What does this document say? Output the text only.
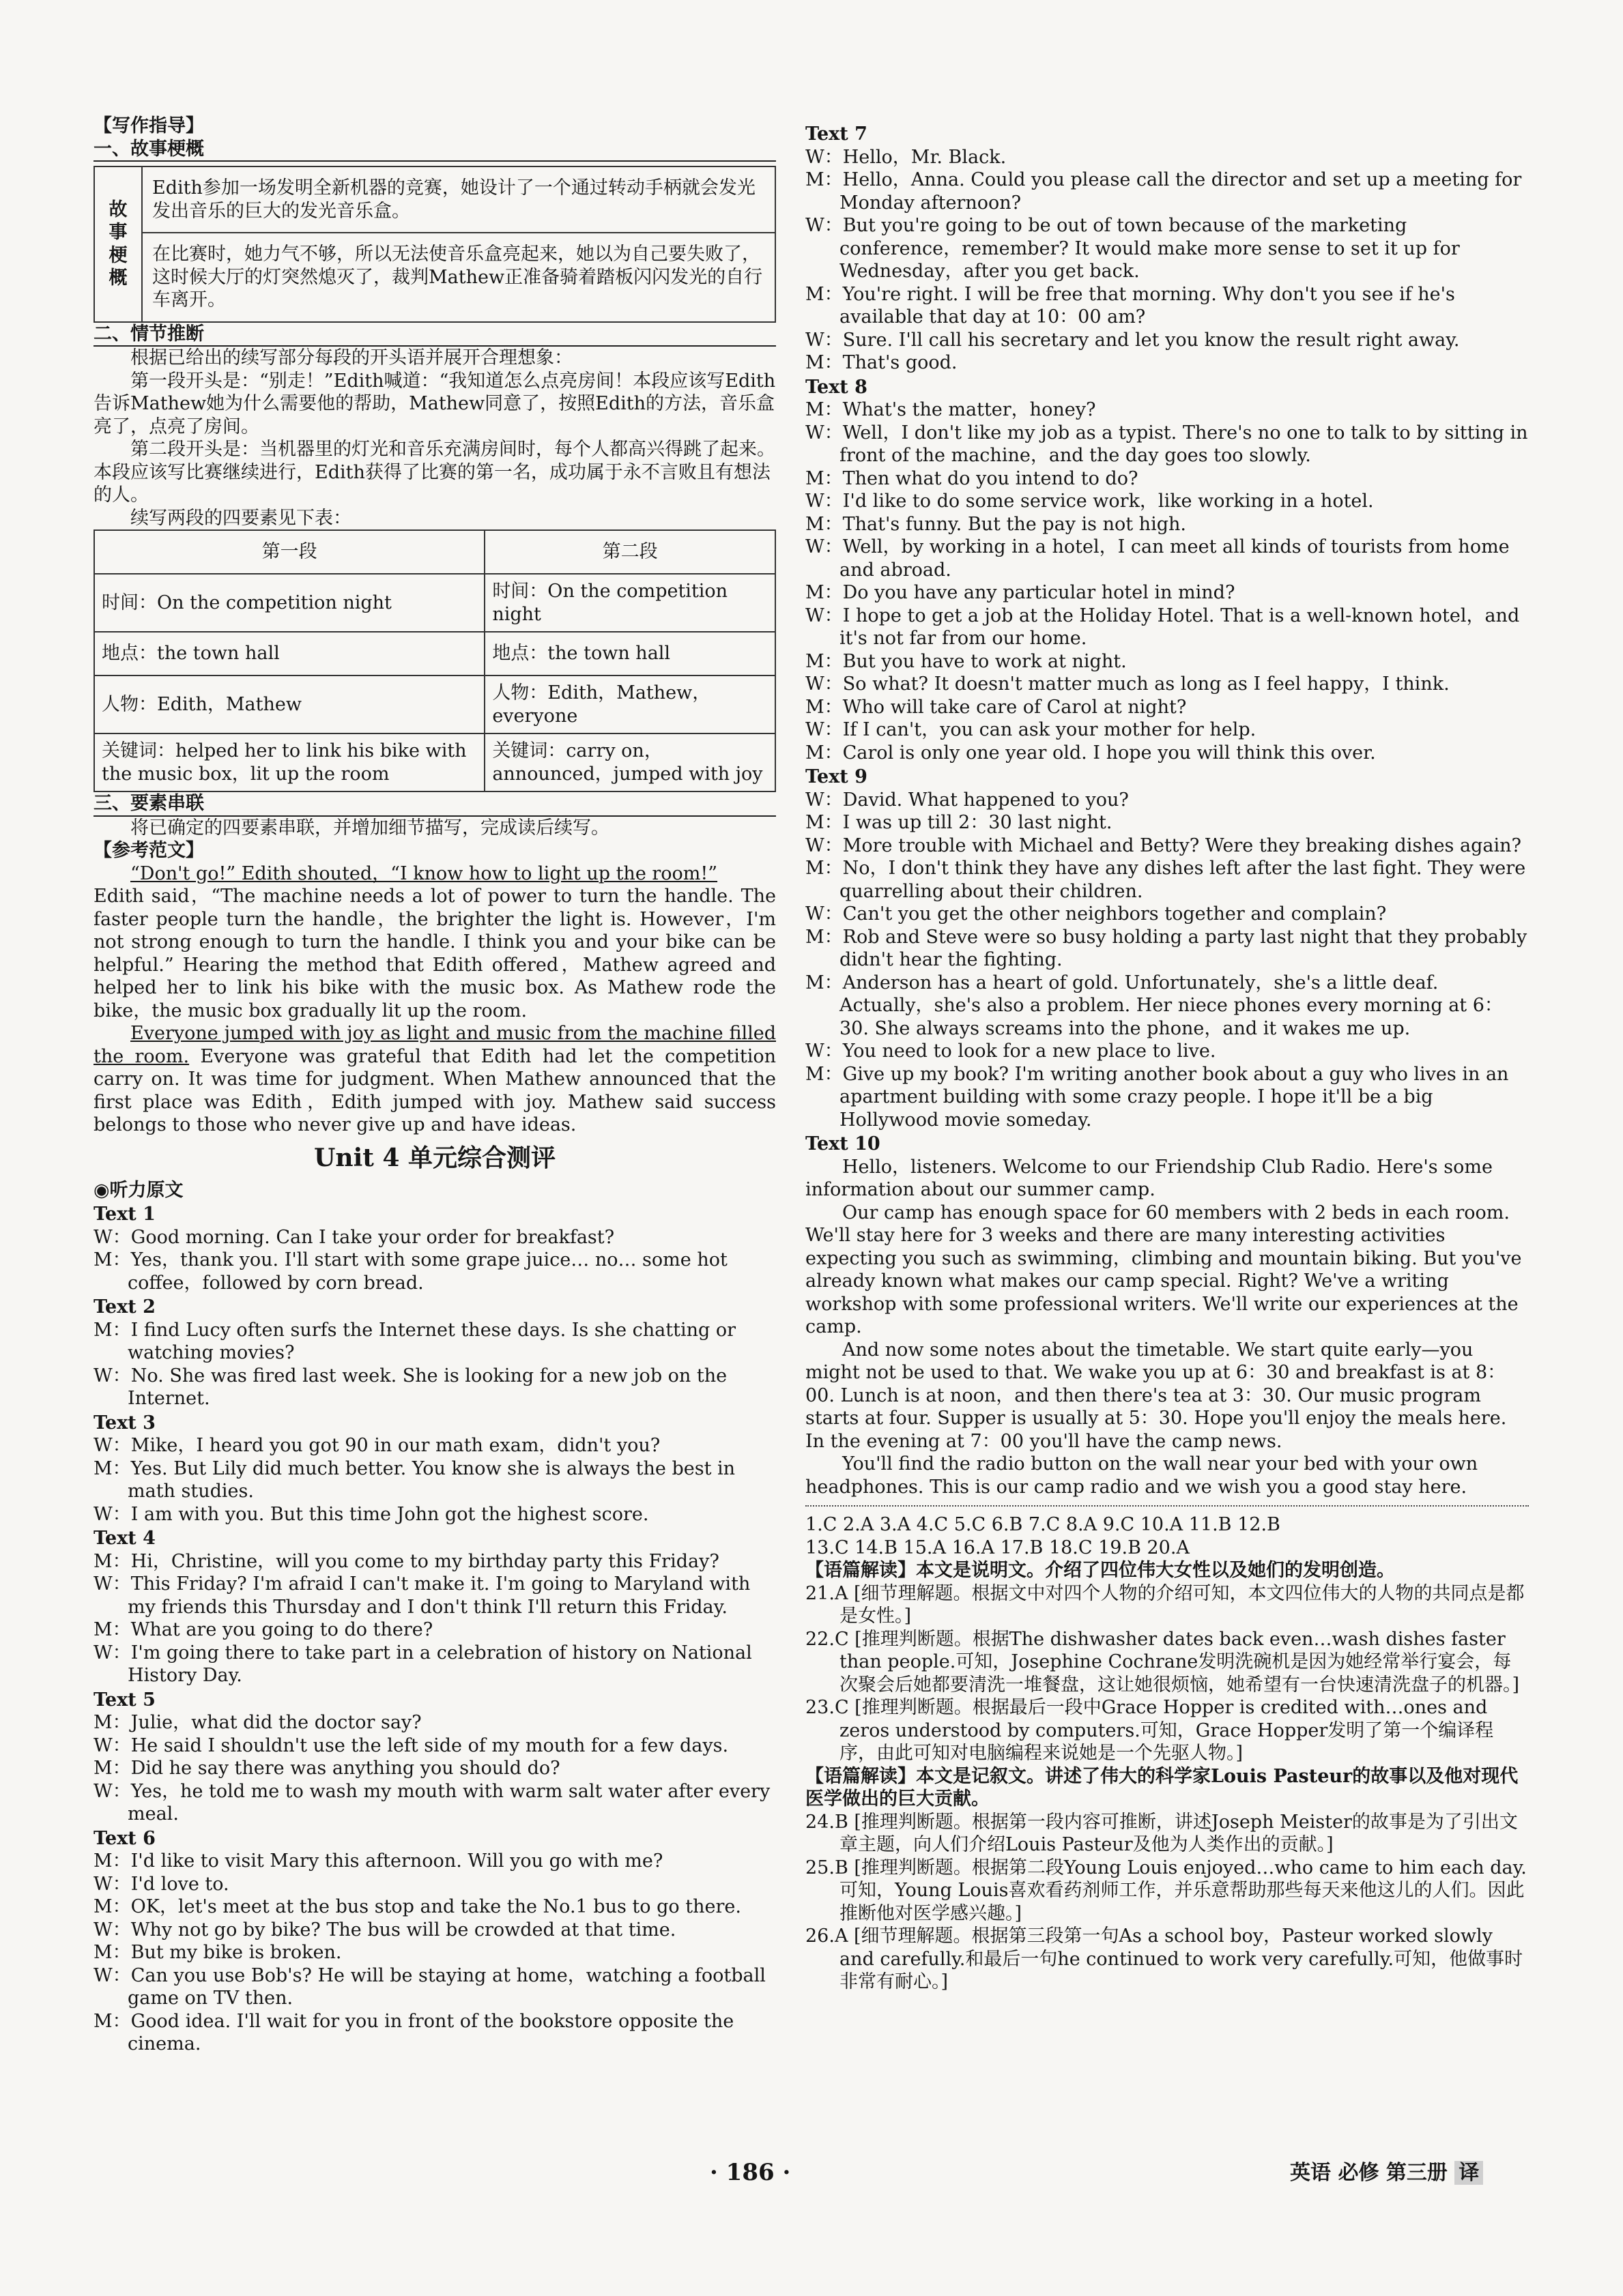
【写作指导】
一、故事梗概
故事梗概	Edith参加一场发明全新机器的竞赛，她设计了一个通过转动手柄就会发光发出音乐的巨大的发光音乐盒。
在比赛时，她力气不够，所以无法使音乐盒亮起来，她以为自己要失败了，这时候大厅的灯突然熄灭了，裁判Mathew正准备骑着踏板闪闪发光的自行车离开。
二、情节推断

根据已给出的续写部分每段的开头语并展开合理想象：

第一段开头是：“别走！”Edith喊道：“我知道怎么点亮房间！本段应该写Edith告诉Mathew她为什么需要他的帮助，Mathew同意了，按照Edith的方法，音乐盒亮了，点亮了房间。

第二段开头是：当机器里的灯光和音乐充满房间时，每个人都高兴得跳了起来。本段应该写比赛继续进行，Edith获得了比赛的第一名，成功属于永不言败且有想法的人。

续写两段的四要素见下表：

第一段	第二段
时间：On the competition night	时间：On the competition night
地点：the town hall	地点：the town hall
人物：Edith，Mathew	人物：Edith，Mathew，everyone
关键词：helped her to link his bike with the music box，lit up the room	关键词：carry on，announced，jumped with joy
三、要素串联

将已确定的四要素串联，并增加细节描写，完成读后续写。

【参考范文】

“Don't go!” Edith shouted，“I know how to light up the room!”

Edith said，“The machine needs a lot of power to turn the handle. The faster people turn the handle，the brighter the light is. However，I'm not strong enough to turn the handle. I think you and your bike can be helpful.” Hearing the method that Edith offered，Mathew agreed and helped her to link his bike with the music box. As Mathew rode the bike，the music box gradually lit up the room.

Everyone jumped with joy as light and music from the machine filled the room. Everyone was grateful that Edith had let the competition carry on. It was time for judgment. When Mathew announced that the first place was Edith，Edith jumped with joy. Mathew said success belongs to those who never give up and have ideas.

Unit 4 单元综合测评
◉听力原文
Text 1

W：Good morning. Can I take your order for breakfast?

M：Yes，thank you. I'll start with some grape juice… no… some hot coffee，followed by corn bread.

Text 2

M：I find Lucy often surfs the Internet these days. Is she chatting or watching movies?

W：No. She was fired last week. She is looking for a new job on the Internet.

Text 3

W：Mike，I heard you got 90 in our math exam，didn't you?

M：Yes. But Lily did much better. You know she is always the best in math studies.

W：I am with you. But this time John got the highest score.

Text 4

M：Hi，Christine，will you come to my birthday party this Friday?

W：This Friday? I'm afraid I can't make it. I'm going to Maryland with my friends this Thursday and I don't think I'll return this Friday.

M：What are you going to do there?

W：I'm going there to take part in a celebration of history on National History Day.

Text 5

M：Julie，what did the doctor say?

W：He said I shouldn't use the left side of my mouth for a few days.

M：Did he say there was anything you should do?

W：Yes，he told me to wash my mouth with warm salt water after every meal.

Text 6

M：I'd like to visit Mary this afternoon. Will you go with me?

W：I'd love to.

M：OK，let's meet at the bus stop and take the No.1 bus to go there.

W：Why not go by bike? The bus will be crowded at that time.

M：But my bike is broken.

W：Can you use Bob's? He will be staying at home，watching a football game on TV then.

M：Good idea. I'll wait for you in front of the bookstore opposite the cinema.

Text 7

W：Hello，Mr. Black.

M：Hello，Anna. Could you please call the director and set up a meeting for Monday afternoon?

W：But you're going to be out of town because of the marketing conference，remember? It would make more sense to set it up for Wednesday，after you get back.

M：You're right. I will be free that morning. Why don't you see if he's available that day at 10：00 am?

W：Sure. I'll call his secretary and let you know the result right away.

M：That's good.

Text 8

M：What's the matter，honey?

W：Well，I don't like my job as a typist. There's no one to talk to by sitting in front of the machine，and the day goes too slowly.

M：Then what do you intend to do?

W：I'd like to do some service work，like working in a hotel.

M：That's funny. But the pay is not high.

W：Well，by working in a hotel，I can meet all kinds of tourists from home and abroad.

M：Do you have any particular hotel in mind?

W：I hope to get a job at the Holiday Hotel. That is a well-known hotel，and it's not far from our home.

M：But you have to work at night.

W：So what? It doesn't matter much as long as I feel happy，I think.

M：Who will take care of Carol at night?

W：If I can't，you can ask your mother for help.

M：Carol is only one year old. I hope you will think this over.

Text 9

W：David. What happened to you?

M：I was up till 2：30 last night.

W：More trouble with Michael and Betty? Were they breaking dishes again?

M：No，I don't think they have any dishes left after the last fight. They were quarrelling about their children.

W：Can't you get the other neighbors together and complain?

M：Rob and Steve were so busy holding a party last night that they probably didn't hear the fighting.

M：Anderson has a heart of gold. Unfortunately，she's a little deaf. Actually，she's also a problem. Her niece phones every morning at 6：30. She always screams into the phone，and it wakes me up.

W：You need to look for a new place to live.

M：Give up my book? I'm writing another book about a guy who lives in an apartment building with some crazy people. I hope it'll be a big Hollywood movie someday.

Text 10

Hello，listeners. Welcome to our Friendship Club Radio. Here's some information about our summer camp.

Our camp has enough space for 60 members with 2 beds in each room. We'll stay here for 3 weeks and there are many interesting activities expecting you such as swimming，climbing and mountain biking. But you've already known what makes our camp special. Right? We've a writing workshop with some professional writers. We'll write our experiences at the camp.

And now some notes about the timetable. We start quite early—you might not be used to that. We wake you up at 6：30 and breakfast is at 8：00. Lunch is at noon，and then there's tea at 3：30. Our music program starts at four. Supper is usually at 5：30. Hope you'll enjoy the meals here. In the evening at 7：00 you'll have the camp news.

You'll find the radio button on the wall near your bed with your own headphones. This is our camp radio and we wish you a good stay here.

1.C 2.A 3.A 4.C 5.C 6.B 7.C 8.A 9.C 10.A 11.B 12.B

13.C 14.B 15.A 16.A 17.B 18.C 19.B 20.A

【语篇解读】本文是说明文。介绍了四位伟大女性以及她们的发明创造。

21.A [细节理解题。根据文中对四个人物的介绍可知，本文四位伟大的人物的共同点是都是女性。]

22.C [推理判断题。根据The dishwasher dates back even…wash dishes faster than people.可知，Josephine Cochrane发明洗碗机是因为她经常举行宴会，每次聚会后她都要清洗一堆餐盘，这让她很烦恼，她希望有一台快速清洗盘子的机器。]

23.C [推理判断题。根据最后一段中Grace Hopper is credited with…ones and zeros understood by computers.可知，Grace Hopper发明了第一个编译程序，由此可知对电脑编程来说她是一个先驱人物。]

【语篇解读】本文是记叙文。讲述了伟大的科学家Louis Pasteur的故事以及他对现代医学做出的巨大贡献。

24.B [推理判断题。根据第一段内容可推断，讲述Joseph Meister的故事是为了引出文章主题，向人们介绍Louis Pasteur及他为人类作出的贡献。]

25.B [推理判断题。根据第二段Young Louis enjoyed…who came to him each day.可知，Young Louis喜欢看药剂师工作，并乐意帮助那些每天来他这儿的人们。因此推断他对医学感兴趣。]

26.A [细节理解题。根据第三段第一句As a school boy，Pasteur worked slowly and carefully.和最后一句he continued to work very carefully.可知，他做事时非常有耐心。]

· 186 ·	英语 必修 第三册 译
